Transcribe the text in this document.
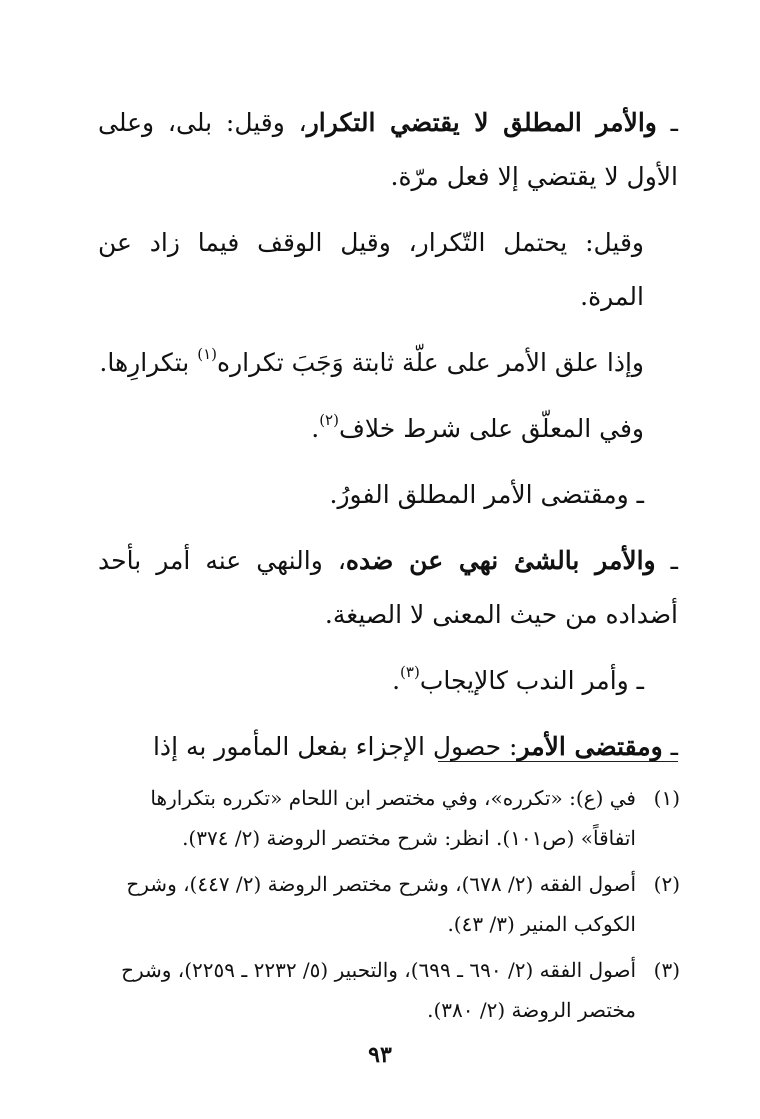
ـ والأمر المطلق لا يقتضي التكرار، وقيل: بلى، وعلى الأول لا يقتضي إلا فعل مرّة.

وقيل: يحتمل التّكرار، وقيل الوقف فيما زاد عن المرة.

وإذا علق الأمر على علّة ثابتة وَجَبَ تكراره$^{(١)}$ بتكرارِها.

وفي المعلّق على شرط خلاف$^{(٢)}$.

ـ ومقتضى الأمر المطلق الفورُ.

ـ والأمر بالشئ نهي عن ضده، والنهي عنه أمر بأحد أضداده من حيث المعنى لا الصيغة.

ـ وأمر الندب كالإيجاب$^{(٣)}$.

ـ ومقتضى الأمر: حصول الإجزاء بفعل المأمور به إذا

(١)
في (ع): «تكرره»، وفي مختصر ابن اللحام «تكرره بتكرارها اتفاقاً» (ص١٠١). انظر: شرح مختصر الروضة (٢/ ٣٧٤).
(٢)
أصول الفقه (٢/ ٦٧٨)، وشرح مختصر الروضة (٢/ ٤٤٧)، وشرح الكوكب المنير (٣/ ٤٣).
(٣)
أصول الفقه (٢/ ٦٩٠ ـ ٦٩٩)، والتحبير (٥/ ٢٢٣٢ ـ ٢٢٥٩)، وشرح مختصر الروضة (٢/ ٣٨٠).
٩٣
